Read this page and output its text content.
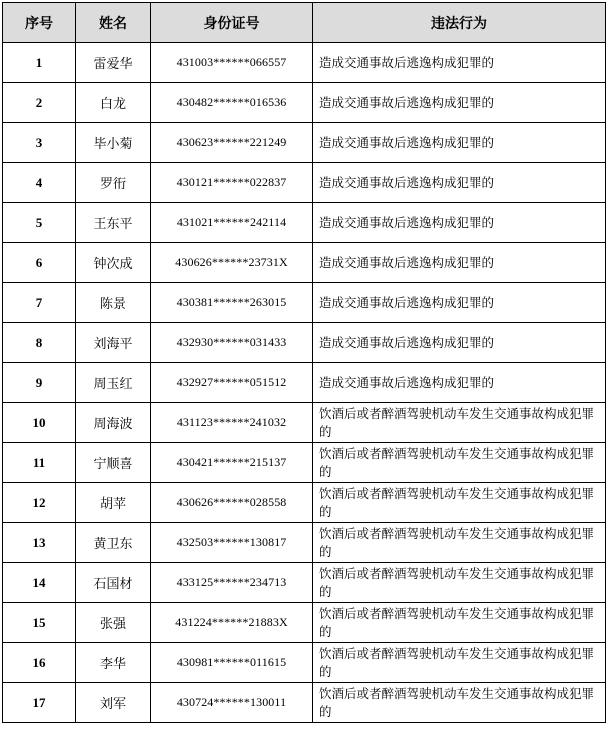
序号	姓名	身份证号	违法行为
1	雷爱华	431003******066557	造成交通事故后逃逸构成犯罪的
2	白龙	430482******016536	造成交通事故后逃逸构成犯罪的
3	毕小菊	430623******221249	造成交通事故后逃逸构成犯罪的
4	罗衎	430121******022837	造成交通事故后逃逸构成犯罪的
5	王东平	431021******242114	造成交通事故后逃逸构成犯罪的
6	钟次成	430626******23731X	造成交通事故后逃逸构成犯罪的
7	陈景	430381******263015	造成交通事故后逃逸构成犯罪的
8	刘海平	432930******031433	造成交通事故后逃逸构成犯罪的
9	周玉红	432927******051512	造成交通事故后逃逸构成犯罪的
10	周海波	431123******241032	饮酒后或者醉酒驾驶机动车发生交通事故构成犯罪的
11	宁顺喜	430421******215137	饮酒后或者醉酒驾驶机动车发生交通事故构成犯罪的
12	胡苹	430626******028558	饮酒后或者醉酒驾驶机动车发生交通事故构成犯罪的
13	黄卫东	432503******130817	饮酒后或者醉酒驾驶机动车发生交通事故构成犯罪的
14	石国材	433125******234713	饮酒后或者醉酒驾驶机动车发生交通事故构成犯罪的
15	张强	431224******21883X	饮酒后或者醉酒驾驶机动车发生交通事故构成犯罪的
16	李华	430981******011615	饮酒后或者醉酒驾驶机动车发生交通事故构成犯罪的
17	刘军	430724******130011	饮酒后或者醉酒驾驶机动车发生交通事故构成犯罪的
